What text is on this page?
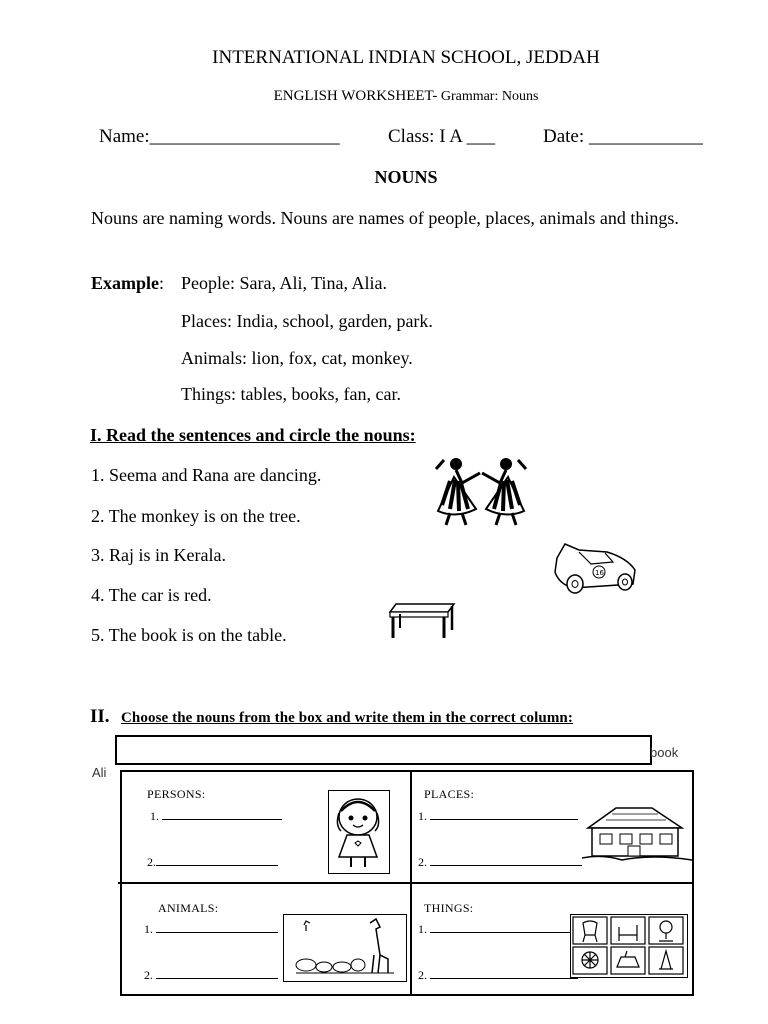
INTERNATIONAL INDIAN SCHOOL, JEDDAH
ENGLISH WORKSHEET- Grammar: Nouns
Name:____________________	Class: I A ___	Date: ____________
NOUNS
Nouns are naming words. Nouns are names of people, places, animals and things.
Example: People: Sara, Ali, Tina, Alia.
Places: India, school, garden, park.
Animals: lion, fox, cat, monkey.
Things: tables, books, fan, car.
I. Read the sentences and circle the nouns:
1. Seema and Rana are dancing.
2. The monkey is on the tree.
3. Raj is in Kerala.
4. The car is red.
5. The book is on the table.
16
II. Choose the nouns from the box and write them in the correct column:
book
Ali
PERSONS:
1.
2.
PLACES:
1.
2.
ANIMALS:
1.
2.
THINGS:
1.
2.
